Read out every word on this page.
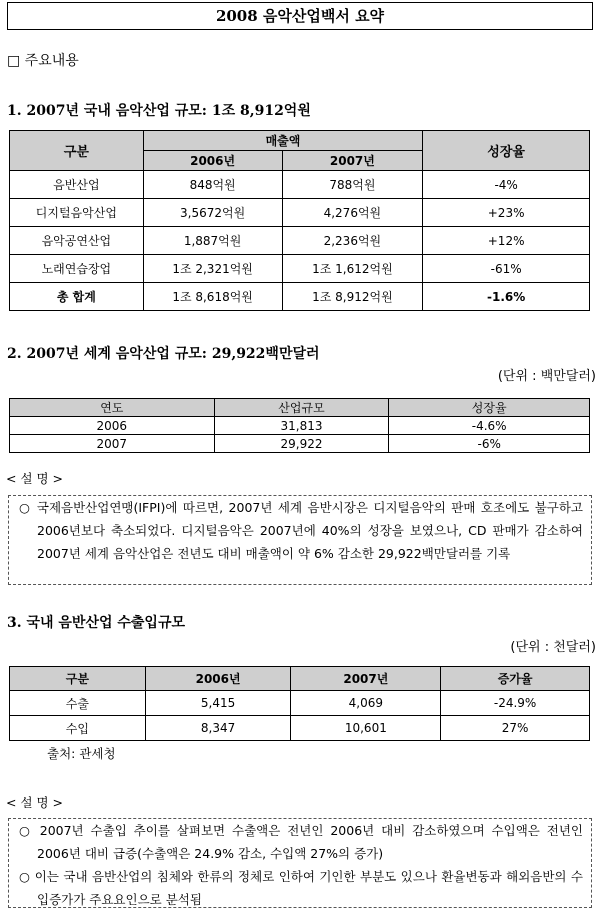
2008 음악산업백서 요약
□ 주요내용
1. 2007년 국내 음악산업 규모: 1조 8,912억원
구분	매출액		성장율
	2006년	2007년	
음반산업	848억원	788억원	-4%
디지털음악산업	3,5672억원	4,276억원	+23%
음악공연산업	1,887억원	2,236억원	+12%
노래연습장업	1조 2,321억원	1조 1,612억원	-61%
총 합계	1조 8,618억원	1조 8,912억원	-1.6%
2. 2007년 세계 음악산업 규모: 29,922백만달러
(단위 : 백만달러)
연도	산업규모	성장율
2006	31,813	-4.6%
2007	29,922	-6%
< 설 명 >
○ 국제음반산업연맹(IFPI)에 따르면, 2007년 세계 음반시장은 디지털음악의 판매 호조에도 불구하고 2006년보다 축소되었다. 디지털음악은 2007년에 40%의 성장을 보였으나, CD 판매가 감소하여 2007년 세계 음악산업은 전년도 대비 매출액이 약 6% 감소한 29,922백만달러를 기록
3. 국내 음반산업 수출입규모
(단위 : 천달러)
구분	2006년	2007년	증가율
수출	5,415	4,069	-24.9%
수입	8,347	10,601	27%
출처: 관세청
< 설 명 >
○ 2007년 수출입 추이를 살펴보면 수출액은 전년인 2006년 대비 감소하였으며 수입액은 전년인 2006년 대비 급증(수출액은 24.9% 감소, 수입액 27%의 증가)
○ 이는 국내 음반산업의 침체와 한류의 정체로 인하여 기인한 부분도 있으나 환율변동과 해외음반의 수입증가가 주요요인으로 분석됨
